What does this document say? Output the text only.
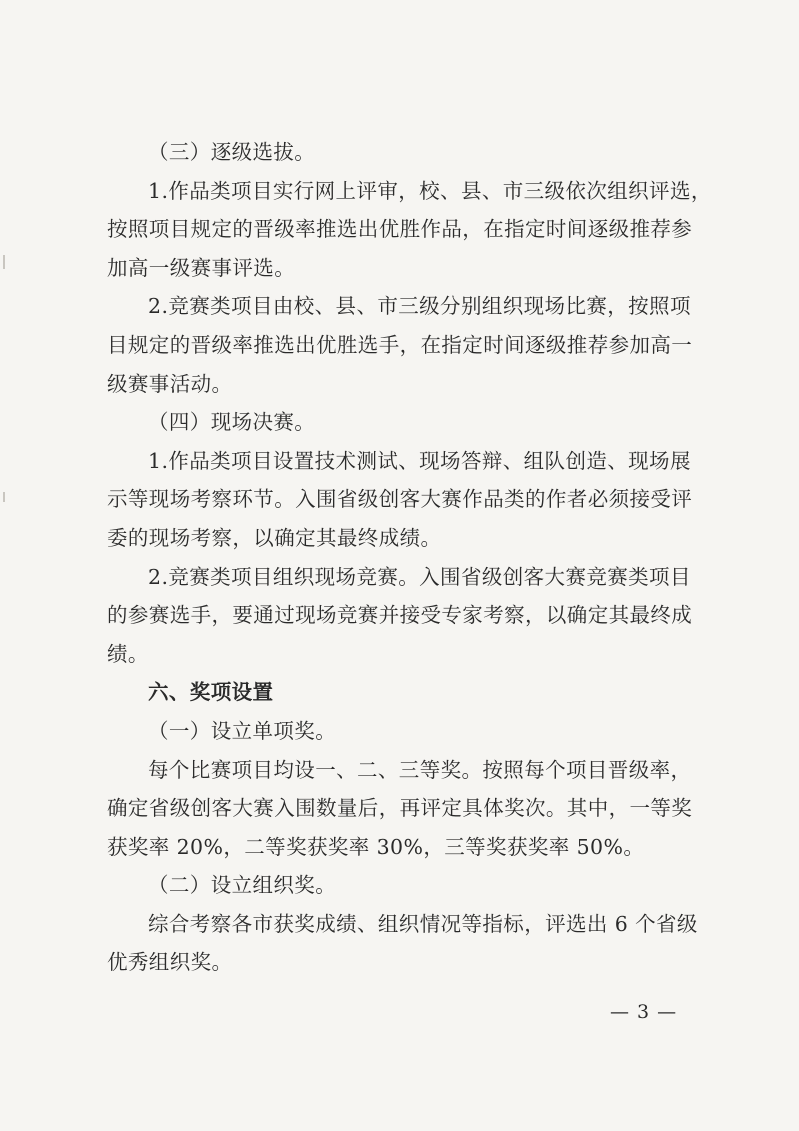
（三）逐级选拔。
1.作品类项目实行网上评审，校、县、市三级依次组织评选，
按照项目规定的晋级率推选出优胜作品，在指定时间逐级推荐参
加高一级赛事评选。
2.竞赛类项目由校、县、市三级分别组织现场比赛，按照项
目规定的晋级率推选出优胜选手，在指定时间逐级推荐参加高一
级赛事活动。
（四）现场决赛。
1.作品类项目设置技术测试、现场答辩、组队创造、现场展
示等现场考察环节。入围省级创客大赛作品类的作者必须接受评
委的现场考察，以确定其最终成绩。
2.竞赛类项目组织现场竞赛。入围省级创客大赛竞赛类项目
的参赛选手，要通过现场竞赛并接受专家考察，以确定其最终成
绩。
六、奖项设置
（一）设立单项奖。
每个比赛项目均设一、二、三等奖。按照每个项目晋级率，
确定省级创客大赛入围数量后，再评定具体奖次。其中，一等奖
获奖率 20%，二等奖获奖率 30%，三等奖获奖率 50%。
（二）设立组织奖。
综合考察各市获奖成绩、组织情况等指标，评选出 6 个省级
优秀组织奖。
— 3 —
